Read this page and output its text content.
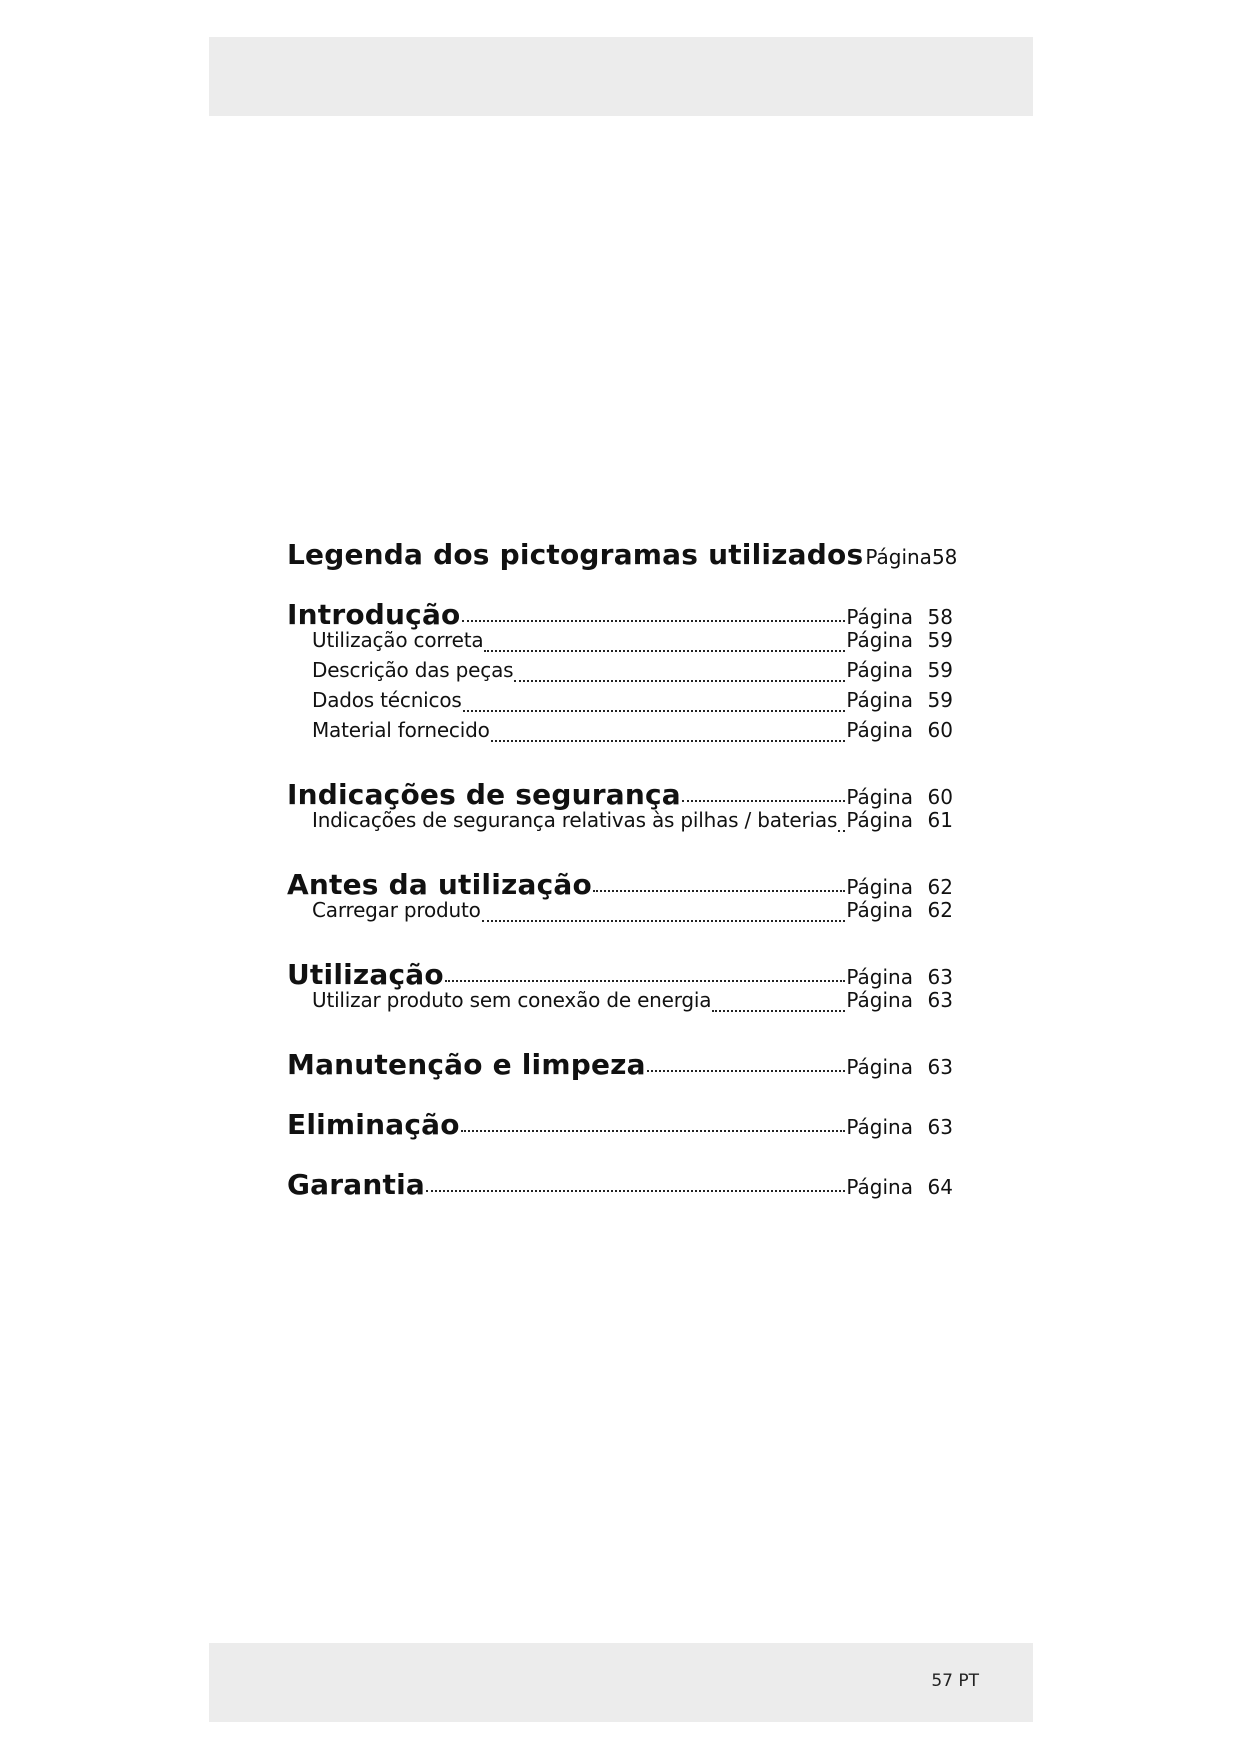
Legenda dos pictogramas utilizados Página 58
Introdução	Página 58
Utilização correta	Página 59
Descrição das peças	Página 59
Dados técnicos	Página 59
Material fornecido	Página 60
Indicações de segurança	Página 60
Indicações de segurança relativas às pilhas / baterias Página 61
Antes da utilização	Página 62
Carregar produto	Página 62
Utilização	Página 63
Utilizar produto sem conexão de energia	Página 63
Manutenção e limpeza	Página 63
Eliminação	Página 63
Garantia	Página 64
57 PT
